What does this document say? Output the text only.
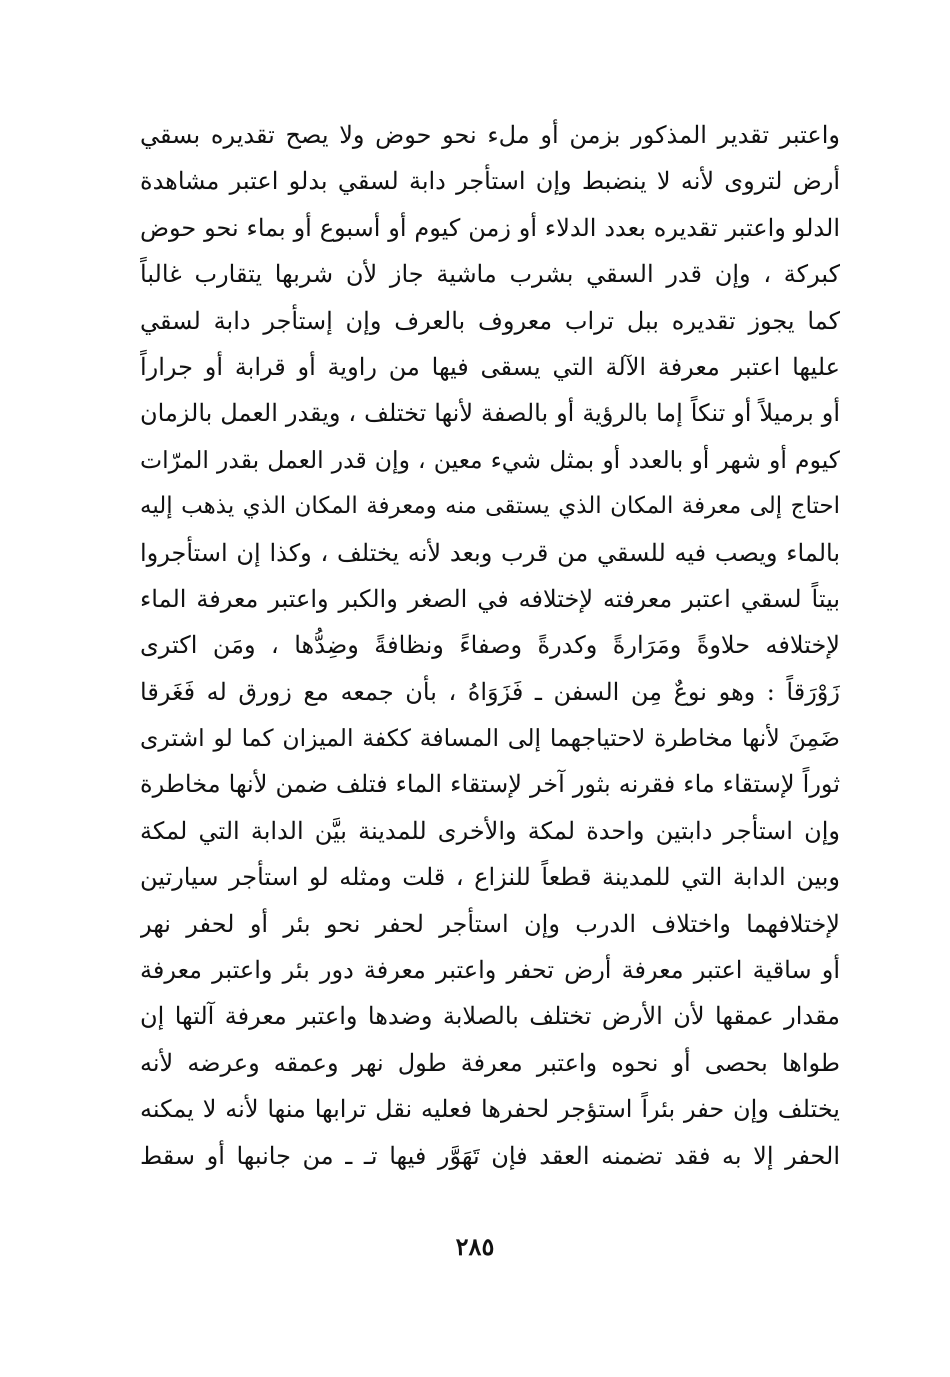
واعتبر تقدير المذكور بزمن أو ملء نحو حوض ولا يصح تقديره بسقي
أرض لتروى لأنه لا ينضبط وإن استأجر دابة لسقي بدلو اعتبر مشاهدة
الدلو واعتبر تقديره بعدد الدلاء أو زمن كيوم أو أسبوع أو بماء نحو حوض
كبركة ، وإن قدر السقي بشرب ماشية جاز لأن شربها يتقارب غالباً
كما يجوز تقديره ببل تراب معروف بالعرف وإن إستأجر دابة لسقي
عليها اعتبر معرفة الآلة التي يسقى فيها من راوية أو قرابة أو جراراً
أو برميلاً أو تنكاً إما بالرؤية أو بالصفة لأنها تختلف ، ويقدر العمل بالزمان
كيوم أو شهر أو بالعدد أو بمثل شيء معين ، وإن قدر العمل بقدر المرّات
احتاج إلى معرفة المكان الذي يستقى منه ومعرفة المكان الذي يذهب إليه
بالماء ويصب فيه للسقي من قرب وبعد لأنه يختلف ، وكذا إن استأجروا
بيتاً لسقي اعتبر معرفته لإختلافه في الصغر والكبر واعتبر معرفة الماء
لإختلافه حلاوةً ومَرَارةً وكدرةً وصفاءً ونظافةً وضِدُّها ، ومَن اكترى
زَوْرَقاً : وهو نوعٌ مِن السفن ـ فَزَوَاهُ ، بأن جمعه مع زورق له فَغَرقا
ضَمِنَ لأنها مخاطرة لاحتياجهما إلى المسافة ككفة الميزان كما لو اشترى
ثوراً لإستقاء ماء فقرنه بثور آخر لإستقاء الماء فتلف ضمن لأنها مخاطرة
وإن استأجر دابتين واحدة لمكة والأخرى للمدينة بيَّن الدابة التي لمكة
وبين الدابة التي للمدينة قطعاً للنزاع ، قلت ومثله لو استأجر سيارتين
لإختلافهما واختلاف الدرب وإن استأجر لحفر نحو بئر أو لحفر نهر
أو ساقية اعتبر معرفة أرض تحفر واعتبر معرفة دور بئر واعتبر معرفة
مقدار عمقها لأن الأرض تختلف بالصلابة وضدها واعتبر معرفة آلتها إن
طواها بحصى أو نحوه واعتبر معرفة طول نهر وعمقه وعرضه لأنه
يختلف وإن حفر بئراً استؤجر لحفرها فعليه نقل ترابها منها لأنه لا يمكنه
الحفر إلا به فقد تضمنه العقد فإن تَهَوَّر فيها تـ ـ من جانبها أو سقط
٢٨٥
